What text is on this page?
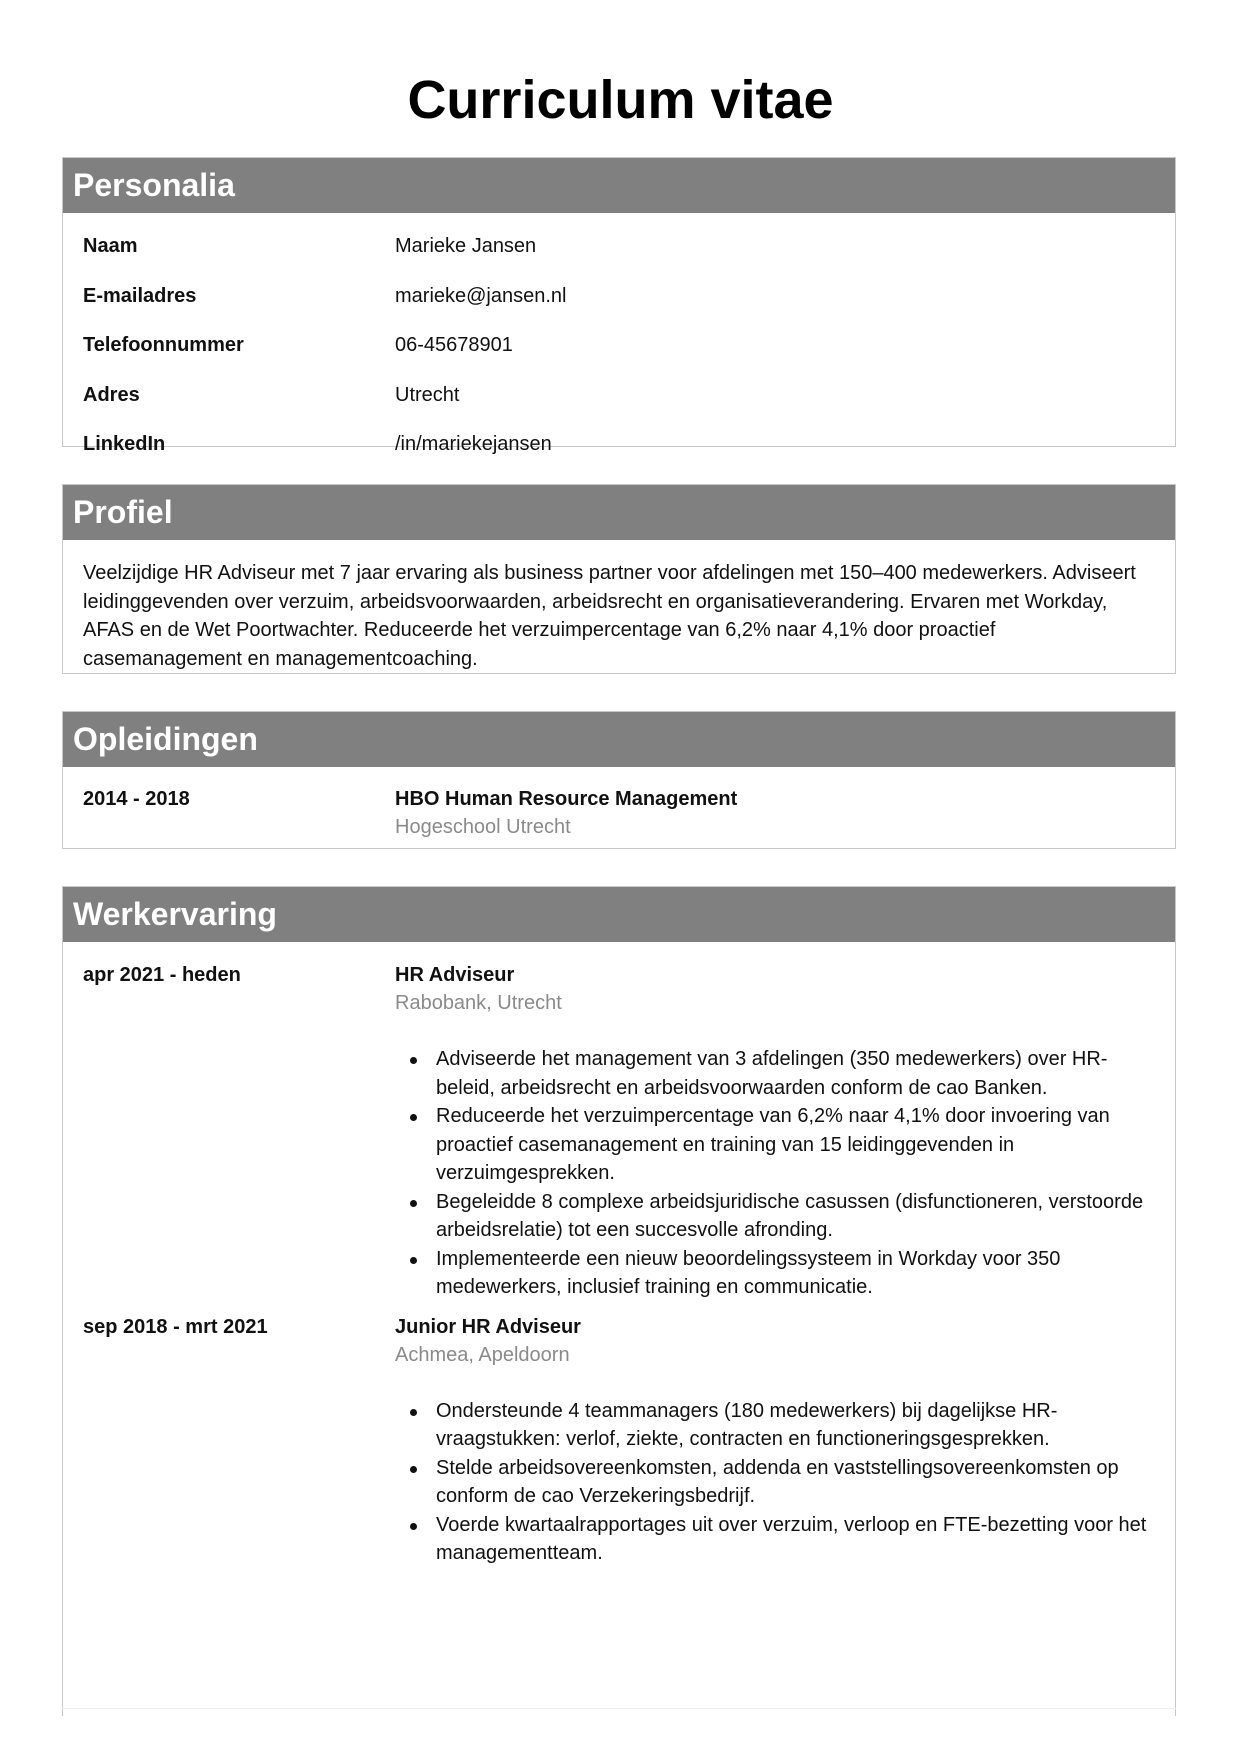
Curriculum vitae
Personalia
Naam	Marieke Jansen
E-mailadres	marieke@jansen.nl
Telefoonnummer	06-45678901
Adres	Utrecht
LinkedIn	/in/mariekejansen
Profiel

Veelzijdige HR Adviseur met 7 jaar ervaring als business partner voor afdelingen met 150–400 medewerkers. Adviseert leidinggevenden over verzuim, arbeidsvoorwaarden, arbeidsrecht en organisatieverandering. Ervaren met Workday, AFAS en de Wet Poortwachter. Reduceerde het verzuimpercentage van 6,2% naar 4,1% door proactief casemanagement en managementcoaching.

Opleidingen
2014 - 2018	HBO Human Resource Management
Hogeschool Utrecht
Werkervaring
apr 2021 - heden	HR Adviseur
Rabobank, Utrecht
Adviseerde het management van 3 afdelingen (350 medewerkers) over HR-beleid, arbeidsrecht en arbeidsvoorwaarden conform de cao Banken.
Reduceerde het verzuimpercentage van 6,2% naar 4,1% door invoering van proactief casemanagement en training van 15 leidinggevenden in verzuimgesprekken.
Begeleidde 8 complexe arbeidsjuridische casussen (disfunctioneren, verstoorde arbeidsrelatie) tot een succesvolle afronding.
Implementeerde een nieuw beoordelingssysteem in Workday voor 350 medewerkers, inclusief training en communicatie.
sep 2018 - mrt 2021	Junior HR Adviseur
Achmea, Apeldoorn
Ondersteunde 4 teammanagers (180 medewerkers) bij dagelijkse HR-vraagstukken: verlof, ziekte, contracten en functioneringsgesprekken.
Stelde arbeidsovereenkomsten, addenda en vaststellingsovereenkomsten op conform de cao Verzekeringsbedrijf.
Voerde kwartaalrapportages uit over verzuim, verloop en FTE-bezetting voor het managementteam.
